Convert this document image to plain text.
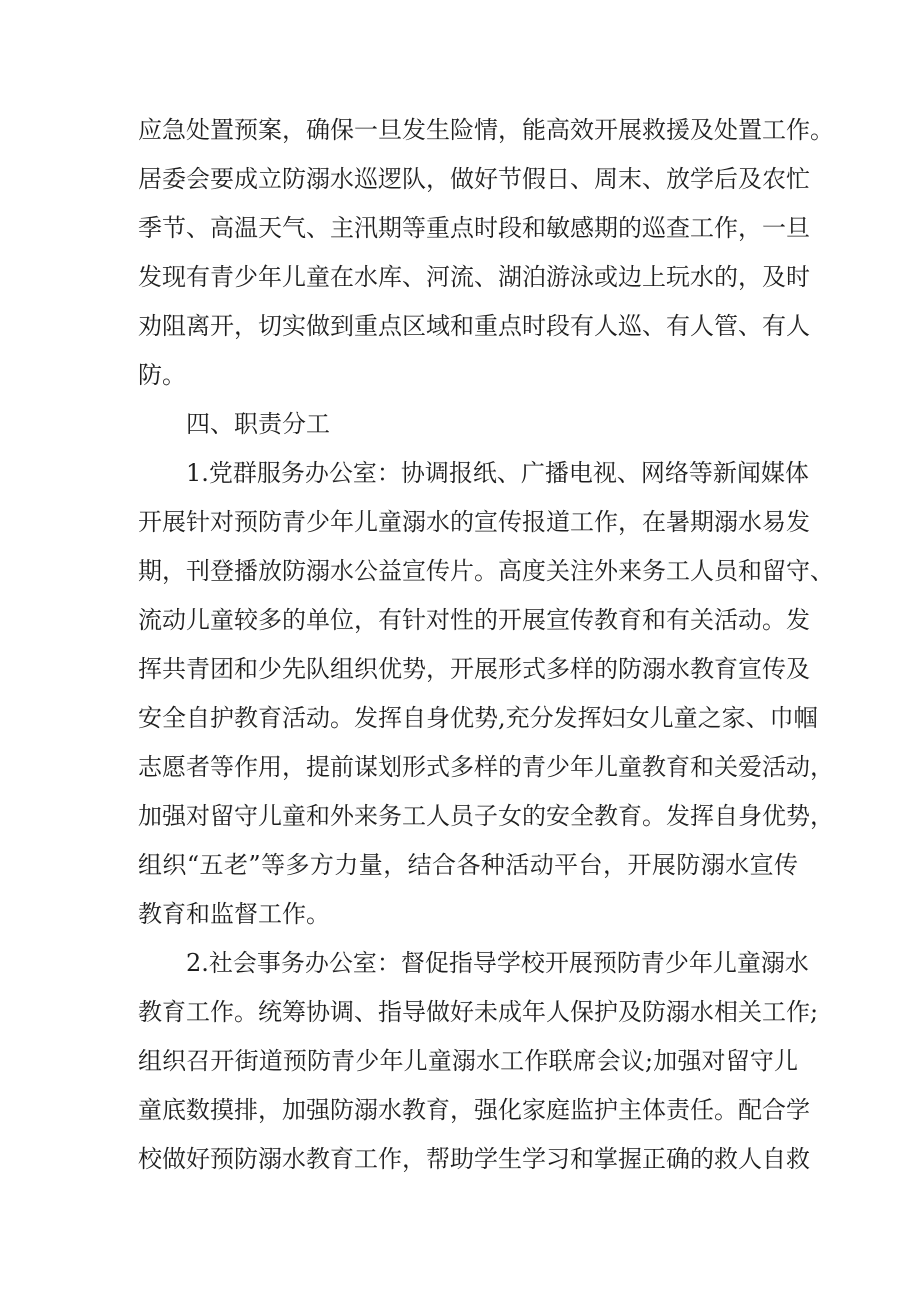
应急处置预案，确保一旦发生险情，能高效开展救援及处置工作。
居委会要成立防溺水巡逻队，做好节假日、周末、放学后及农忙
季节、高温天气、主汛期等重点时段和敏感期的巡查工作，一旦
发现有青少年儿童在水库、河流、湖泊游泳或边上玩水的，及时
劝阻离开，切实做到重点区域和重点时段有人巡、有人管、有人
防。
四、职责分工
1.党群服务办公室：协调报纸、广播电视、网络等新闻媒体
开展针对预防青少年儿童溺水的宣传报道工作，在暑期溺水易发
期，刊登播放防溺水公益宣传片。高度关注外来务工人员和留守、
流动儿童较多的单位，有针对性的开展宣传教育和有关活动。发
挥共青团和少先队组织优势，开展形式多样的防溺水教育宣传及
安全自护教育活动。发挥自身优势,充分发挥妇女儿童之家、巾帼
志愿者等作用，提前谋划形式多样的青少年儿童教育和关爱活动，
加强对留守儿童和外来务工人员子女的安全教育。发挥自身优势，
组织“五老”等多方力量，结合各种活动平台，开展防溺水宣传
教育和监督工作。
2.社会事务办公室：督促指导学校开展预防青少年儿童溺水
教育工作。统筹协调、指导做好未成年人保护及防溺水相关工作;
组织召开街道预防青少年儿童溺水工作联席会议;加强对留守儿
童底数摸排，加强防溺水教育，强化家庭监护主体责任。配合学
校做好预防溺水教育工作，帮助学生学习和掌握正确的救人自救
